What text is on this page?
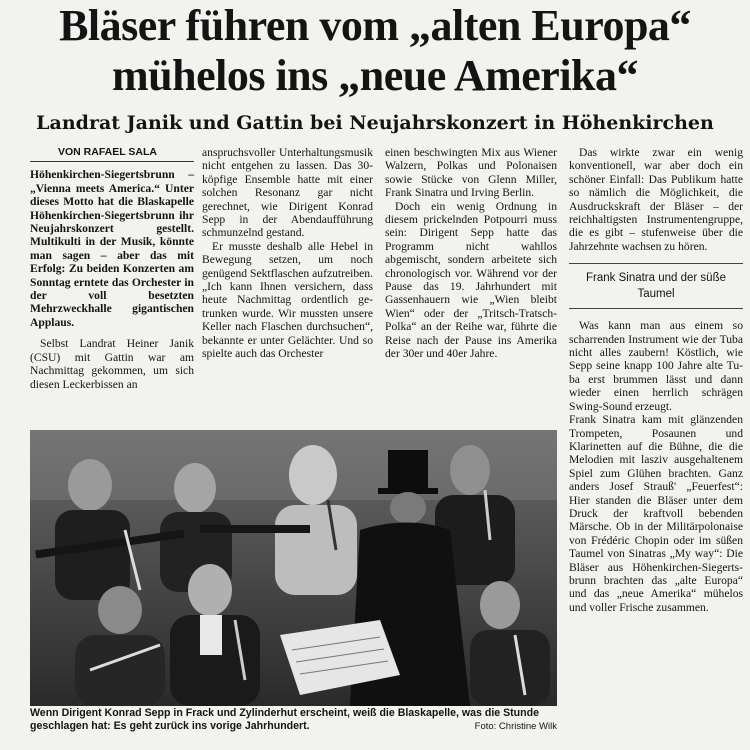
Bläser führen vom „alten Europa“
mühelos ins „neue Amerika“
Landrat Janik und Gattin bei Neujahrskonzert in Höhenkirchen
VON RAFAEL SALA

Höhenkirchen-Siegertsbrunn – „Vienna meets America.“ Unter dieses Motto hat die Blaskapelle Höhenkirchen-Siegertsbrunn ihr Neujahrskonzert gestellt. Multikulti in der Musik, könnte man sagen – aber das mit Erfolg: Zu beiden Konzerten am Sonntag erntete das Orchester in der voll besetzten Mehrzweckhalle gigantischen Applaus.

Selbst Landrat Heiner Janik (CSU) mit Gattin war am Nachmittag gekommen, um sich diesen Leckerbissen an

anspruchsvoller Unterhaltungsmusik nicht entgehen zu lassen. Das 30-köpfige Ensemble hatte mit einer solchen Resonanz gar nicht gerechnet, wie Dirigent Konrad Sepp in der Abendaufführung schmunzelnd gestand.

Er musste deshalb alle Hebel in Bewegung setzen, um noch genügend Sektflaschen aufzutreiben. „Ich kann Ihnen versichern, dass heute Nachmittag ordentlich getrunken wurde. Wir mussten unsere Keller nach Flaschen durchsuchen“, bekannte er unter Gelächter. Und so spielte auch das Orchester

einen beschwingten Mix aus Wiener Walzern, Polkas und Polonaisen sowie Stücke von Glenn Miller, Frank Sinatra und Irving Berlin.

Doch ein wenig Ordnung in diesem prickelnden Potpourri muss sein: Dirigent Sepp hatte das Programm nicht wahllos abgemischt, sondern arbeitete sich chronologisch vor. Während vor der Pause das 19. Jahrhundert mit Gassenhauern wie „Wien bleibt Wien“ oder der „Tritsch-Tratsch-Polka“ an der Reihe war, führte die Reise nach der Pause ins Amerika der 30er und 40er Jahre.

Das wirkte zwar ein wenig konventionell, war aber doch ein schöner Einfall: Das Publikum hatte so nämlich die Möglichkeit, die Ausdruckskraft der Bläser – der reichhaltigsten Instrumentengruppe, die es gibt – stufenweise über die Jahrzehnte wachsen zu hören.

Frank Sinatra und der süße Taumel

Was kann man aus einem so scharrenden Instrument wie der Tuba nicht alles zaubern! Köstlich, wie Sepp seine knapp 100 Jahre alte Tuba erst brummen lässt und dann wieder einen herrlich schrägen Swing-Sound erzeugt.

Frank Sinatra kam mit glänzenden Trompeten, Posaunen und Klarinetten auf die Bühne, die die Melodien mit lasziv ausgehaltenem Spiel zum Glühen brachten. Ganz anders Josef Strauß' „Feuerfest“: Hier standen die Bläser unter dem Druck der kraftvoll bebenden Märsche. Ob in der Militärpolonaise von Frédéric Chopin oder im süßen Taumel von Sinatras „My way“: Die Bläser aus Höhenkirchen-Siegertsbrunn brachten das „alte Europa“ und das „neue Amerika“ mühelos und voller Frische zusammen.

Wenn Dirigent Konrad Sepp in Frack und Zylinderhut erscheint, weiß die Blaskapelle, was die Stunde geschlagen hat: Es geht zurück ins vorige Jahrhundert.	Foto: Christine Wilk
